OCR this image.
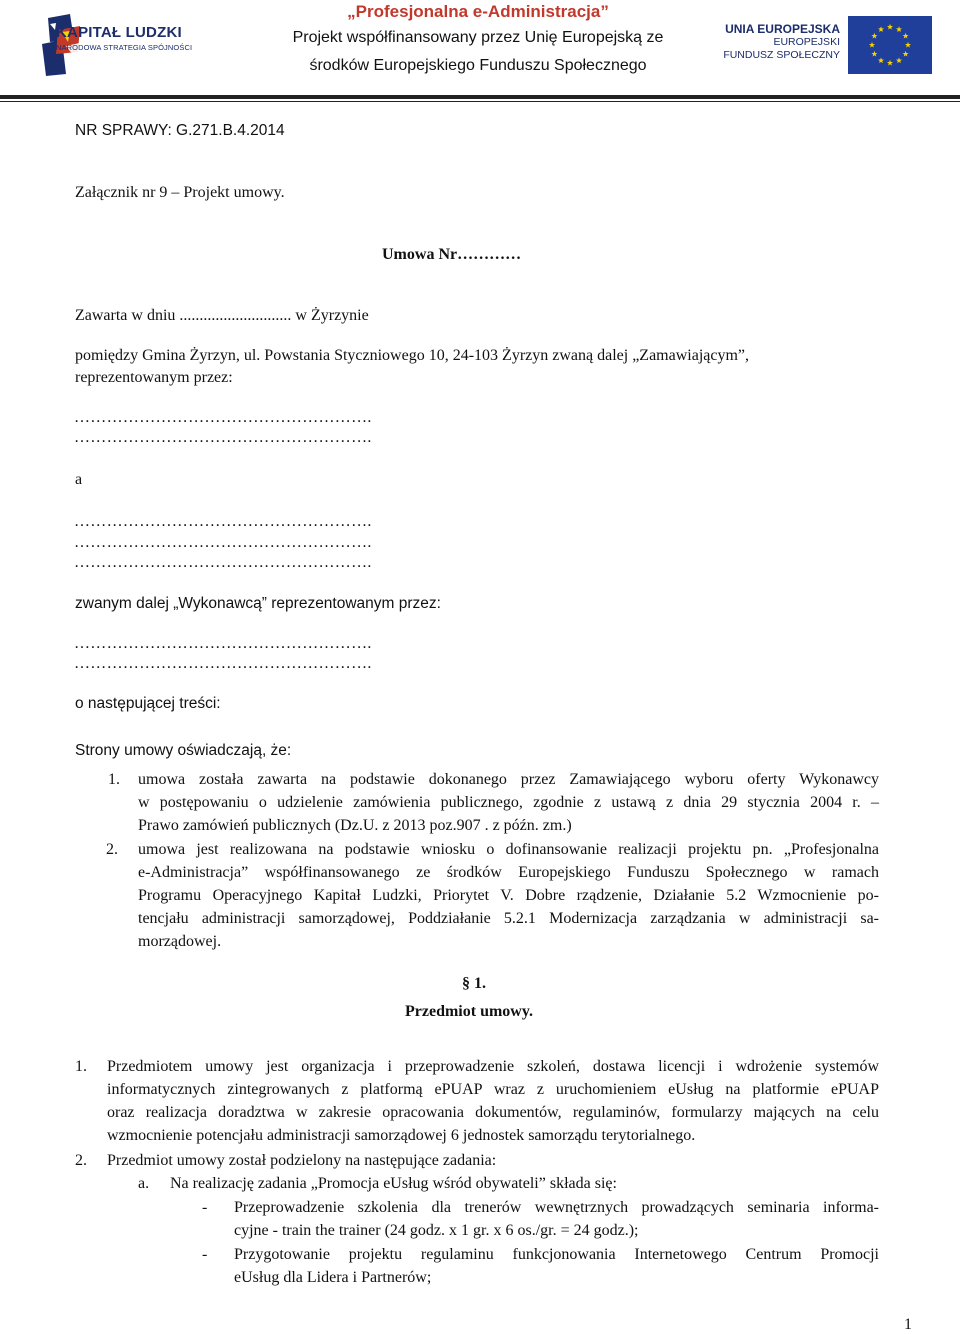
KAPITAŁ LUDZKI
NARODOWA STRATEGIA SPÓJNOŚCI
„Profesjonalna e-Administracja”
Projekt współfinansowany przez Unię Europejską ze
środków Europejskiego Funduszu Społecznego
UNIA EUROPEJSKA
EUROPEJSKI
FUNDUSZ SPOŁECZNY
NR SPRAWY: G.271.B.4.2014
Załącznik nr 9 – Projekt umowy.
Umowa Nr…………
Zawarta w dniu ............................ w Żyrzynie
pomiędzy Gmina Żyrzyn, ul. Powstania Styczniowego 10, 24-103 Żyrzyn zwaną dalej „Zamawiającym”,
reprezentowanym przez:
……………………………………………….
……………………………………………….
a
……………………………………………….
……………………………………………….
……………………………………………….
zwanym dalej „Wykonawcą” reprezentowanym przez:
……………………………………………….
……………………………………………….
o następującej treści:
Strony umowy oświadczają, że:
1. umowa została zawarta na podstawie dokonanego przez Zamawiającego wyboru oferty Wykonawcy
w postępowaniu o udzielenie zamówienia publicznego, zgodnie z ustawą z dnia 29 stycznia 2004 r. –
Prawo zamówień publicznych (Dz.U. z 2013 poz.907 . z późn. zm.)
2. umowa jest realizowana na podstawie wniosku o dofinansowanie realizacji projektu pn. „Profesjonalna
e-Administracja” współfinansowanego ze środków Europejskiego Funduszu Społecznego w ramach
Programu Operacyjnego Kapitał Ludzki, Priorytet V. Dobre rządzenie, Działanie 5.2 Wzmocnienie po-
tencjału administracji samorządowej, Poddziałanie 5.2.1 Modernizacja zarządzania w administracji sa-
morządowej.
§ 1.
Przedmiot umowy.
1. Przedmiotem umowy jest organizacja i przeprowadzenie szkoleń, dostawa licencji i wdrożenie systemów
informatycznych zintegrowanych z platformą ePUAP wraz z uruchomieniem eUsług na platformie ePUAP
oraz realizacja doradztwa w zakresie opracowania dokumentów, regulaminów, formularzy mających na celu
wzmocnienie potencjału administracji samorządowej 6 jednostek samorządu terytorialnego.
2. Przedmiot umowy został podzielony na następujące zadania:
a. Na realizację zadania „Promocja eUsług wśród obywateli” składa się:
- Przeprowadzenie szkolenia dla trenerów wewnętrznych prowadzących seminaria informa-
cyjne - train the trainer (24 godz. x 1 gr. x 6 os./gr. = 24 godz.);
- Przygotowanie projektu regulaminu funkcjonowania Internetowego Centrum Promocji
eUsług dla Lidera i Partnerów;
1
